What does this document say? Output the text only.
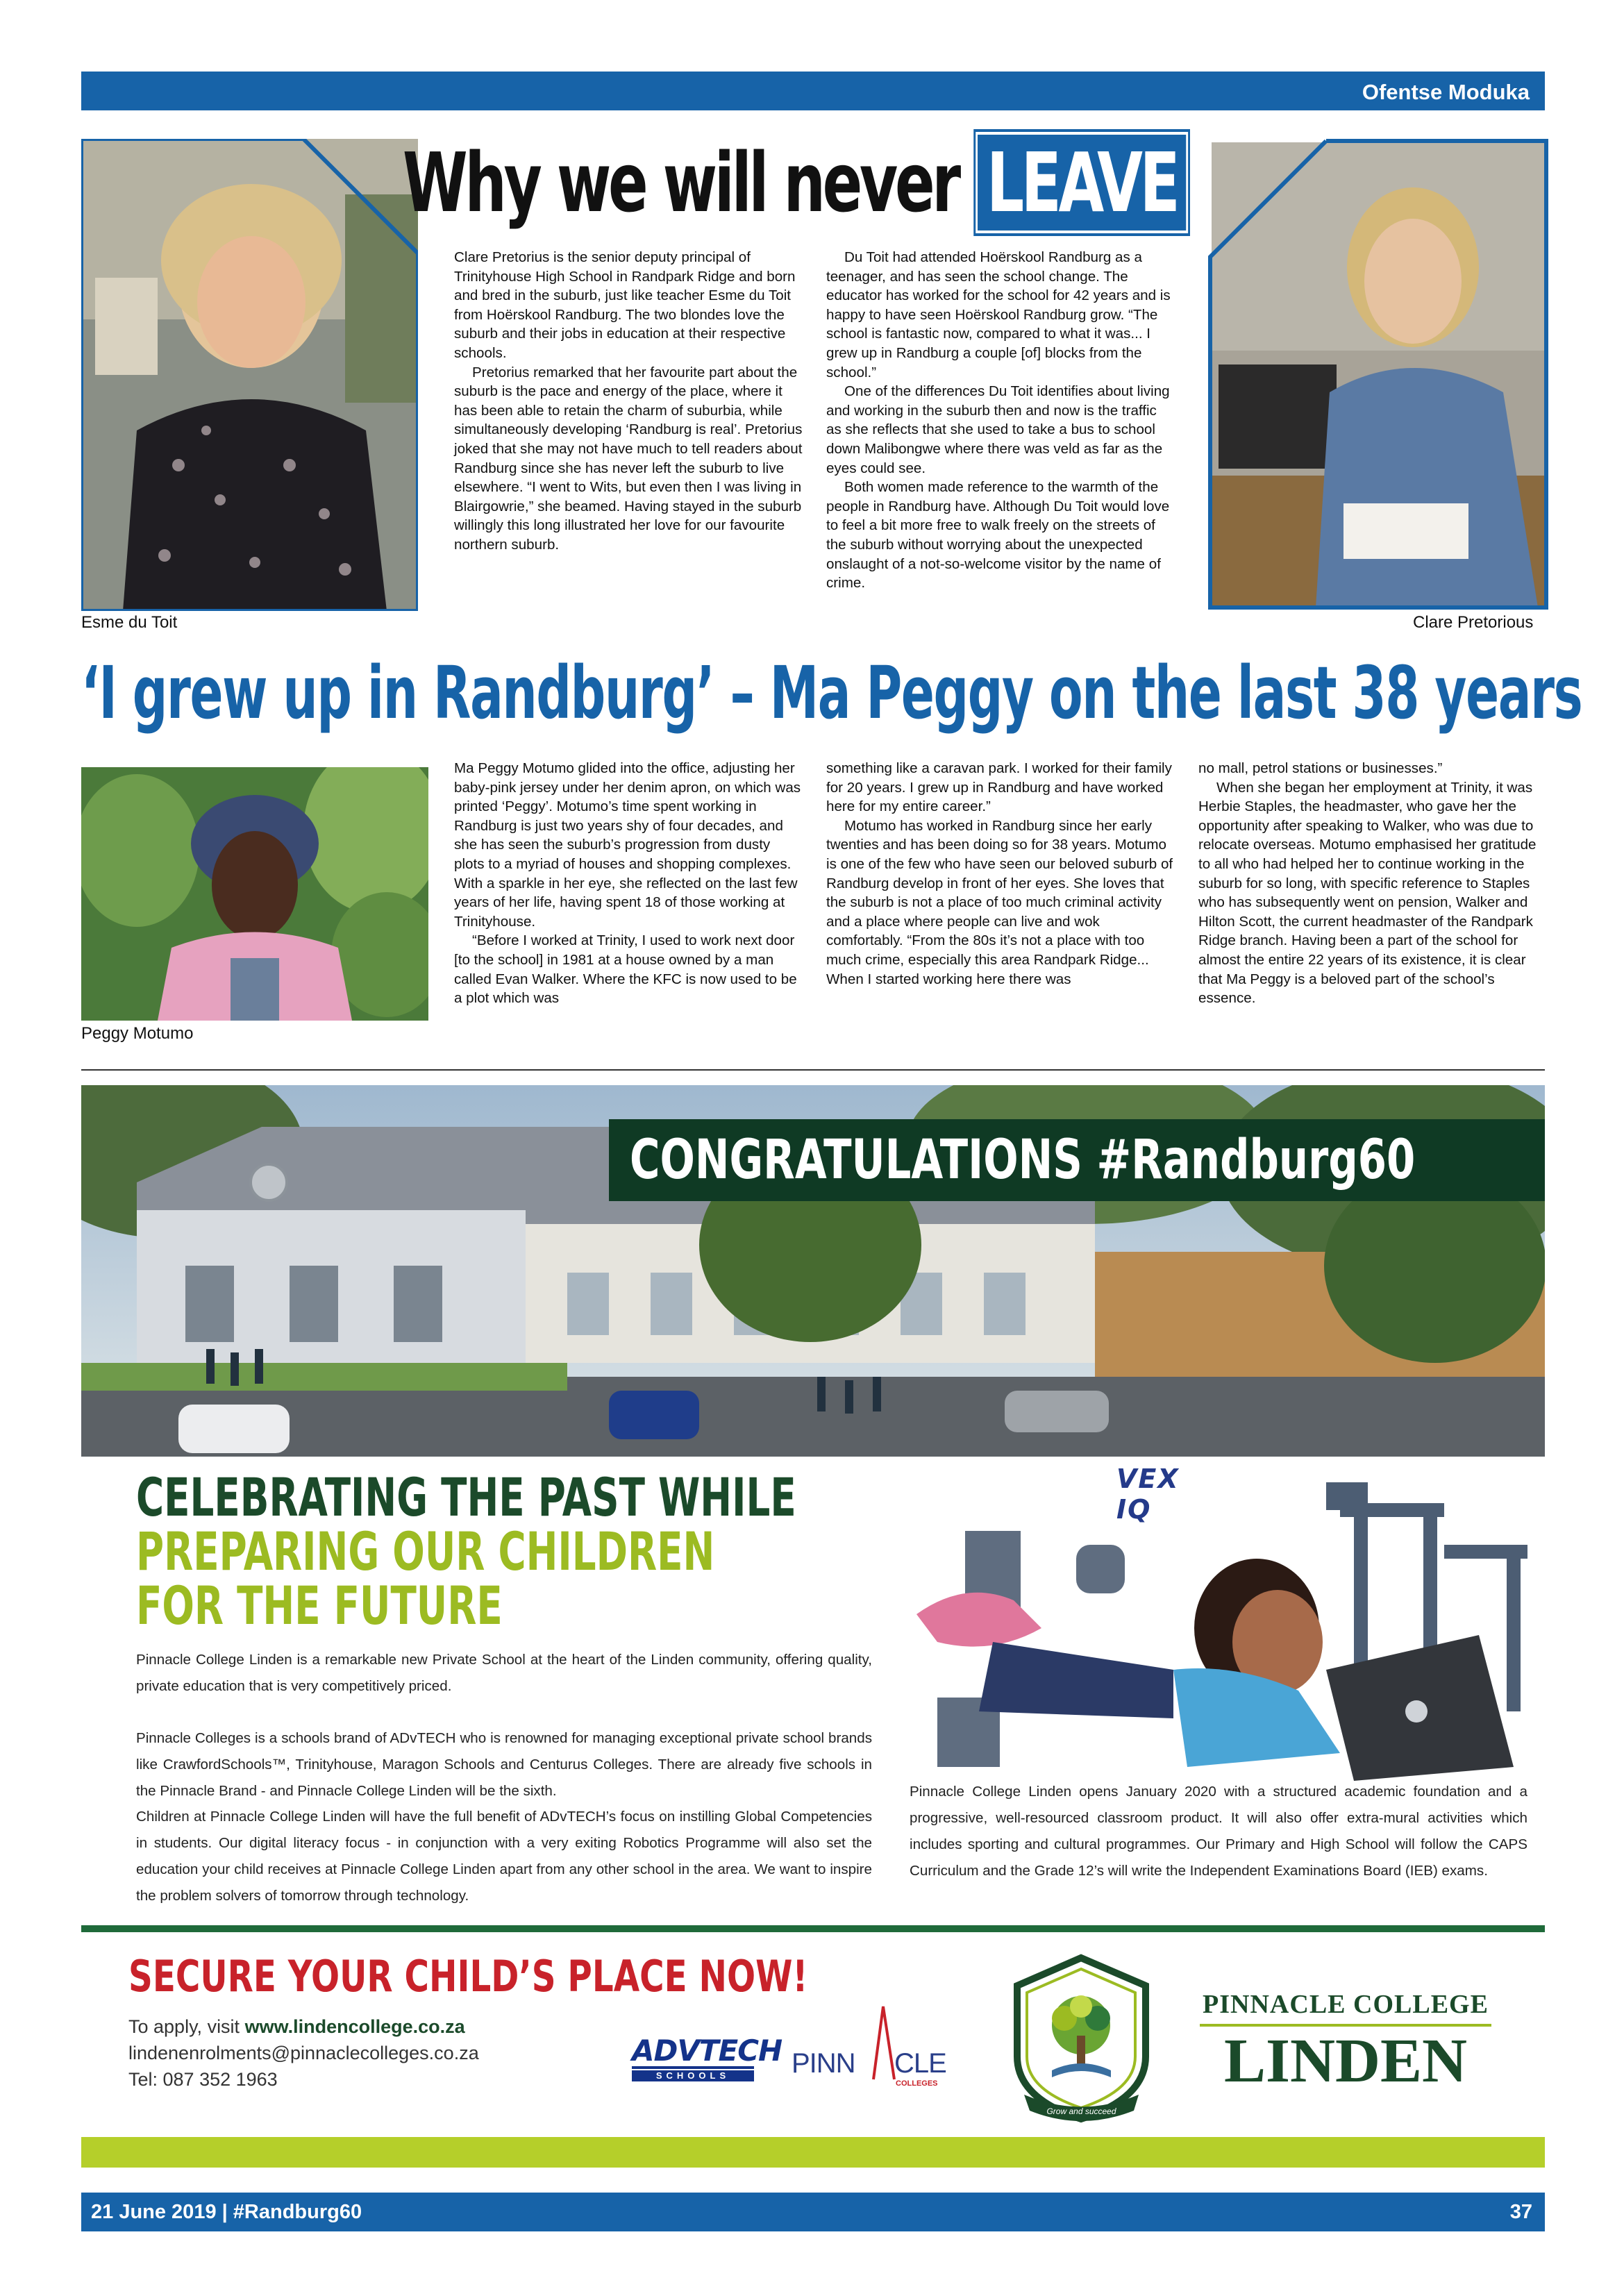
Ofentse Moduka
Esme du Toit	Clare Pretorious
Why we will never LEAVE

Clare Pretorius is the senior deputy principal of Trinityhouse High School in Randpark Ridge and born and bred in the suburb, just like teacher Esme du Toit from Hoërskool Randburg. The two blondes love the suburb and their jobs in education at their respective schools.

Pretorius remarked that her favourite part about the suburb is the pace and energy of the place, where it has been able to retain the charm of suburbia, while simultaneously developing ‘Randburg is real’. Pretorius joked that she may not have much to tell readers about Randburg since she has never left the suburb to live elsewhere. “I went to Wits, but even then I was living in Blairgowrie,” she beamed. Having stayed in the suburb willingly this long illustrated her love for our favourite northern suburb.

Du Toit had attended Hoërskool Randburg as a teenager, and has seen the school change. The educator has worked for the school for 42 years and is happy to have seen Hoërskool Randburg grow. “The school is fantastic now, compared to what it was... I grew up in Randburg a couple [of] blocks from the school.”

One of the differences Du Toit identifies about living and working in the suburb then and now is the traffic as she reflects that she used to take a bus to school down Malibongwe where there was veld as far as the eyes could see.

Both women made reference to the warmth of the people in Randburg have. Although Du Toit would love to feel a bit more free to walk freely on the streets of the suburb without worrying about the unexpected onslaught of a not-so-welcome visitor by the name of crime.

‘I grew up in Randburg’ – Ma Peggy on the last 38 years
Peggy Motumo

Ma Peggy Motumo glided into the office, adjusting her baby-pink jersey under her denim apron, on which was printed ‘Peggy’. Motumo’s time spent working in Randburg is just two years shy of four decades, and she has seen the suburb’s progression from dusty plots to a myriad of houses and shopping complexes. With a sparkle in her eye, she reflected on the last few years of her life, having spent 18 of those working at Trinityhouse.

“Before I worked at Trinity, I used to work next door [to the school] in 1981 at a house owned by a man called Evan Walker. Where the KFC is now used to be a plot which was

something like a caravan park. I worked for their family for 20 years. I grew up in Randburg and have worked here for my entire career.”

Motumo has worked in Randburg since her early twenties and has been doing so for 38 years. Motumo is one of the few who have seen our beloved suburb of Randburg develop in front of her eyes. She loves that the suburb is not a place of too much criminal activity and a place where people can live and wok comfortably. “From the 80s it’s not a place with too much crime, especially this area Randpark Ridge... When I started working here there was

no mall, petrol stations or businesses.”

When she began her employment at Trinity, it was Herbie Staples, the headmaster, who gave her the opportunity after speaking to Walker, who was due to relocate overseas. Motumo emphasised her gratitude to all who had helped her to continue working in the suburb for so long, with specific reference to Staples who has subsequently went on pension, Walker and Hilton Scott, the current headmaster of the Randpark Ridge branch. Having been a part of the school for almost the entire 22 years of its existence, it is clear that Ma Peggy is a beloved part of the school’s essence.

CONGRATULATIONS #Randburg60
CELEBRATING THE PAST WHILE
PREPARING OUR CHILDREN
FOR THE FUTURE
Pinnacle College Linden is a remarkable new Private School at the heart of the Linden community, offering quality, private education that is very competitively priced.
Pinnacle Colleges is a schools brand of ADvTECH who is renowned for managing exceptional private school brands like CrawfordSchools™, Trinityhouse, Maragon Schools and Centurus Colleges. There are already five schools in the Pinnacle Brand - and Pinnacle College Linden will be the sixth.
Children at Pinnacle College Linden will have the full benefit of ADvTECH’s focus on instilling Global Competencies in students. Our digital literacy focus - in conjunction with a very exiting Robotics Programme will also set the education your child receives at Pinnacle College Linden apart from any other school in the area. We want to inspire the problem solvers of tomorrow through technology.
VEX IQ
Pinnacle College Linden opens January 2020 with a structured academic foundation and a progressive, well-resourced classroom product. It will also offer extra-mural activities which includes sporting and cultural programmes. Our Primary and High School will follow the CAPS Curriculum and the Grade 12’s will write the Independent Examinations Board (IEB) exams.
SECURE YOUR CHILD’S PLACE NOW!
To apply, visit www.lindencollege.co.za
lindenenrolments@pinnaclecolleges.co.za
Tel: 087 352 1963
ADVTECH
SCHOOLS	PINN CLE
COLLEGES
Grow and succeed
PINNACLE COLLEGE
LINDEN
21 June 2019 | #Randburg60	37
